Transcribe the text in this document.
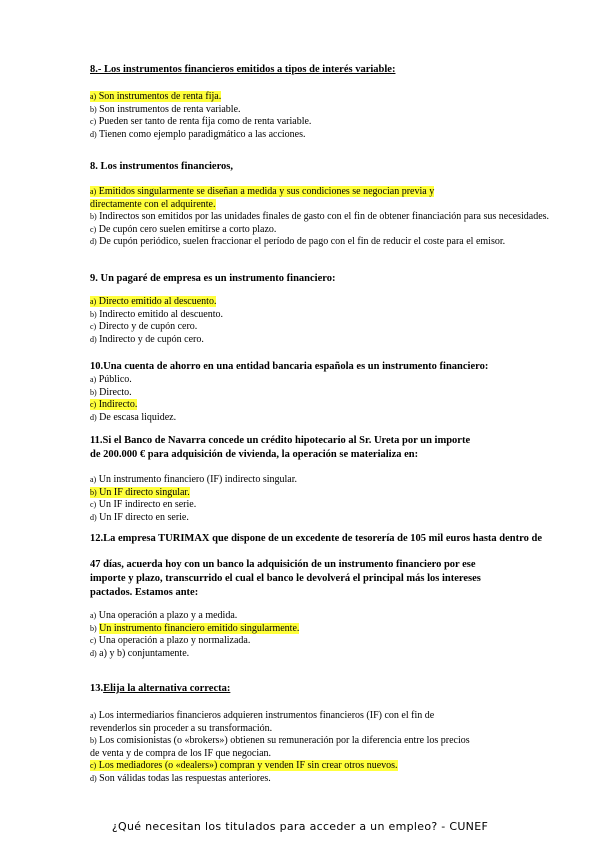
8.- Los instrumentos financieros emitidos a tipos de interés variable:

a) Son instrumentos de renta fija.

b) Son instrumentos de renta variable.

c) Pueden ser tanto de renta fija como de renta variable.

d) Tienen como ejemplo paradigmático a las acciones.

8. Los instrumentos financieros,

a) Emitidos singularmente se diseñan a medida y sus condiciones se negocian previa y
directamente con el adquirente.

b) Indirectos son emitidos por las unidades finales de gasto con el fin de obtener financiación para sus necesidades.

c) De cupón cero suelen emitirse a corto plazo.

d) De cupón periódico, suelen fraccionar el período de pago con el fin de reducir el coste para el emisor.

9. Un pagaré de empresa es un instrumento financiero:

a) Directo emitido al descuento.

b) Indirecto emitido al descuento.

c) Directo y de cupón cero.

d) Indirecto y de cupón cero.

10.Una cuenta de ahorro en una entidad bancaria española es un instrumento financiero:

a) Público.

b) Directo.

c) Indirecto.

d) De escasa liquidez.

11.Si el Banco de Navarra concede un crédito hipotecario al Sr. Ureta por un importe

de 200.000 € para adquisición de vivienda, la operación se materializa en:

a) Un instrumento financiero (IF) indirecto singular.

b) Un IF directo singular.

c) Un IF indirecto en serie.

d) Un IF directo en serie.

12.La empresa TURIMAX que dispone de un excedente de tesorería de 105 mil euros hasta dentro de

47 días, acuerda hoy con un banco la adquisición de un instrumento financiero por ese

importe y plazo, transcurrido el cual el banco le devolverá el principal más los intereses

pactados. Estamos ante:

a) Una operación a plazo y a medida.

b) Un instrumento financiero emitido singularmente.

c) Una operación a plazo y normalizada.

d) a) y b) conjuntamente.

13.Elija la alternativa correcta:

a) Los intermediarios financieros adquieren instrumentos financieros (IF) con el fin de
revenderlos sin proceder a su transformación.

b) Los comisionistas (o «brokers») obtienen su remuneración por la diferencia entre los precios
de venta y de compra de los IF que negocian.

c) Los mediadores (o «dealers») compran y venden IF sin crear otros nuevos.

d) Son válidas todas las respuestas anteriores.

¿Qué necesitan los titulados para acceder a un empleo? - CUNEF
